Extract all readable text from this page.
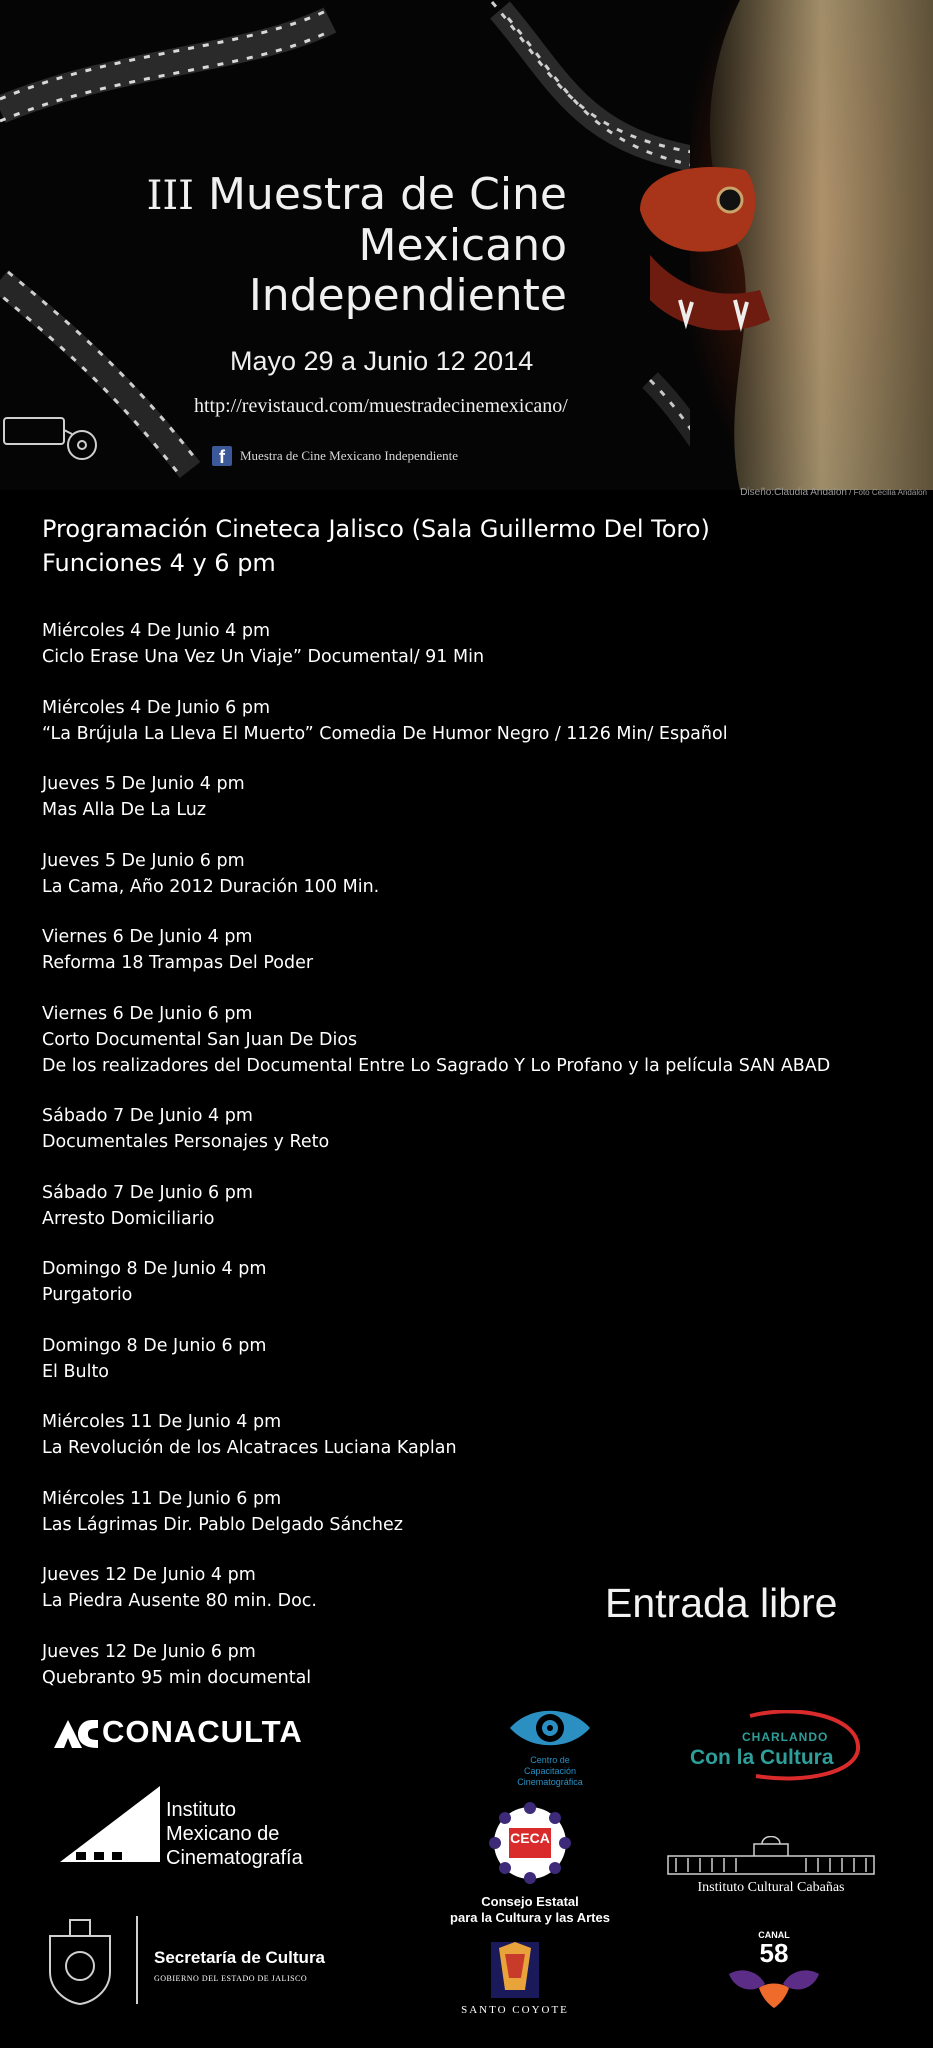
III Muestra de Cine
Mexicano
Independiente
Mayo 29 a Junio 12 2014
http://revistaucd.com/muestradecinemexicano/
f	Muestra de Cine Mexicano Independiente
Diseño:Claudia Andalon / Foto Cecilia Andalon
Programación Cineteca Jalisco (Sala Guillermo Del Toro)
Funciones 4 y 6 pm
Miércoles 4 De Junio 4 pm
Ciclo Erase Una Vez Un Viaje” Documental/ 91 Min
Miércoles 4 De Junio 6 pm
“La Brújula La Lleva El Muerto” Comedia De Humor Negro / 1126 Min/ Español
Jueves 5 De Junio 4 pm
Mas Alla De La Luz
Jueves 5 De Junio 6 pm
La Cama, Año 2012 Duración 100 Min.
Viernes 6 De Junio 4 pm
Reforma 18 Trampas Del Poder
Viernes 6 De Junio 6 pm
Corto Documental San Juan De Dios
De los realizadores del Documental Entre Lo Sagrado Y Lo Profano y la película SAN ABAD
Sábado 7 De Junio 4 pm
Documentales Personajes y Reto
Sábado 7 De Junio 6 pm
Arresto Domiciliario
Domingo 8 De Junio 4 pm
Purgatorio
Domingo 8 De Junio 6 pm
El Bulto
Miércoles 11 De Junio 4 pm
La Revolución de los Alcatraces Luciana Kaplan
Miércoles 11 De Junio 6 pm
Las Lágrimas Dir. Pablo Delgado Sánchez
Jueves 12 De Junio 4 pm
La Piedra Ausente 80 min. Doc.
Jueves 12 De Junio 6 pm
Quebranto 95 min documental
Entrada libre
CONACULTA
Centro de
Capacitación
Cinematográfica
CHARLANDO
Con la Cultura
Instituto
Mexicano de
Cinematografía
CECA
Consejo Estatal
para la Cultura y las Artes
Instituto Cultural Cabañas
Secretaría de Cultura
GOBIERNO DEL ESTADO DE JALISCO
SANTO COYOTE
CANAL
58
